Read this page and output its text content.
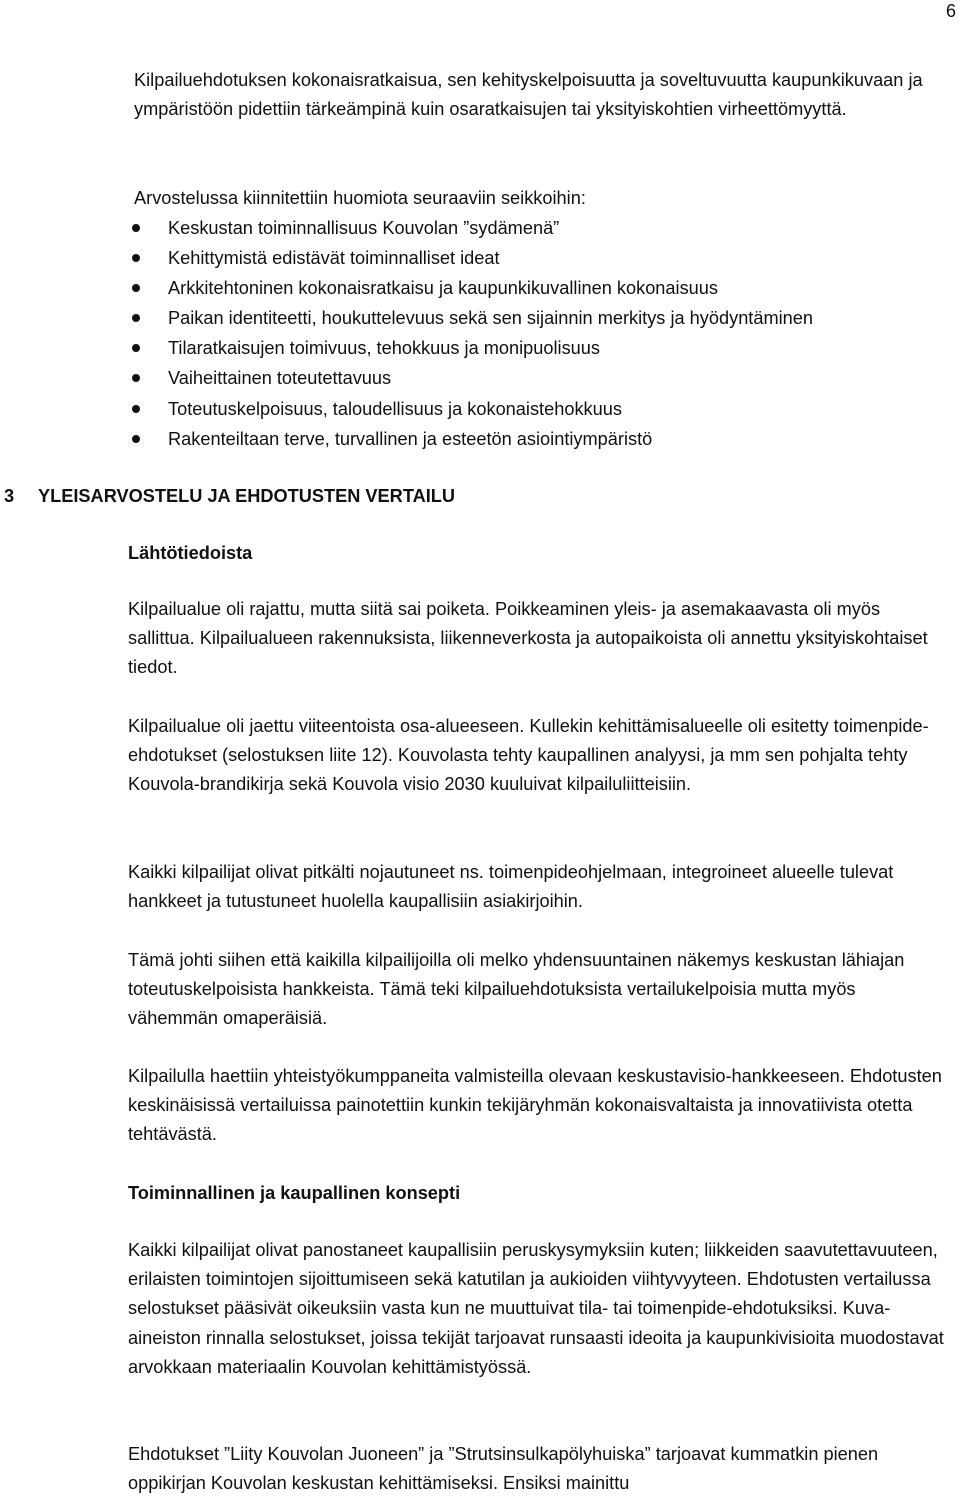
6

Kilpailuehdotuksen kokonaisratkaisua, sen kehityskelpoisuutta ja soveltuvuutta kaupunkikuvaan ja ympäristöön pidettiin tärkeämpinä kuin osaratkaisujen tai yksityiskohtien virheettömyyttä.

Arvostelussa kiinnitettiin huomiota seuraaviin seikkoihin:

Keskustan toiminnallisuus Kouvolan ”sydämenä”
Kehittymistä edistävät toiminnalliset ideat
Arkkitehtoninen kokonaisratkaisu ja kaupunkikuvallinen kokonaisuus
Paikan identiteetti, houkuttelevuus sekä sen sijainnin merkitys ja hyödyntäminen
Tilaratkaisujen toimivuus, tehokkuus ja monipuolisuus
Vaiheittainen toteutettavuus
Toteutuskelpoisuus, taloudellisuus ja kokonaistehokkuus
Rakenteiltaan terve, turvallinen ja esteetön asiointiympäristö
3 YLEISARVOSTELU JA EHDOTUSTEN VERTAILU
Lähtötiedoista

Kilpailualue oli rajattu, mutta siitä sai poiketa. Poikkeaminen yleis- ja asemakaavasta oli myös sallittua. Kilpailualueen rakennuksista, liikenneverkosta ja autopaikoista oli annettu yksityiskohtaiset tiedot.

Kilpailualue oli jaettu viiteentoista osa-alueeseen. Kullekin kehittämisalueelle oli esitetty toimenpide-ehdotukset (selostuksen liite 12). Kouvolasta tehty kaupallinen analyysi, ja mm sen pohjalta tehty Kouvola-brandikirja sekä Kouvola visio 2030 kuuluivat kilpailuliitteisiin.

Kaikki kilpailijat olivat pitkälti nojautuneet ns. toimenpideohjelmaan, integroineet alueelle tulevat hankkeet ja tutustuneet huolella kaupallisiin asiakirjoihin.

Tämä johti siihen että kaikilla kilpailijoilla oli melko yhdensuuntainen näkemys keskustan lähiajan toteutuskelpoisista hankkeista. Tämä teki kilpailuehdotuksista vertailukelpoisia mutta myös vähemmän omaperäisiä.

Kilpailulla haettiin yhteistyökumppaneita valmisteilla olevaan keskustavisio-hankkeeseen. Ehdotusten keskinäisissä vertailuissa painotettiin kunkin tekijäryhmän kokonaisvaltaista ja innovatiivista otetta tehtävästä.

Toiminnallinen ja kaupallinen konsepti

Kaikki kilpailijat olivat panostaneet kaupallisiin peruskysymyksiin kuten; liikkeiden saavutettavuuteen, erilaisten toimintojen sijoittumiseen sekä katutilan ja aukioiden viihtyvyyteen. Ehdotusten vertailussa selostukset pääsivät oikeuksiin vasta kun ne muuttuivat tila- tai toimenpide-ehdotuksiksi. Kuva-aineiston rinnalla selostukset, joissa tekijät tarjoavat runsaasti ideoita ja kaupunkivisioita muodostavat arvokkaan materiaalin Kouvolan kehittämistyössä.

Ehdotukset ”Liity Kouvolan Juoneen” ja ”Strutsinsulkapölyhuiska” tarjoavat kummatkin pienen oppikirjan Kouvolan keskustan kehittämiseksi. Ensiksi mainittu
